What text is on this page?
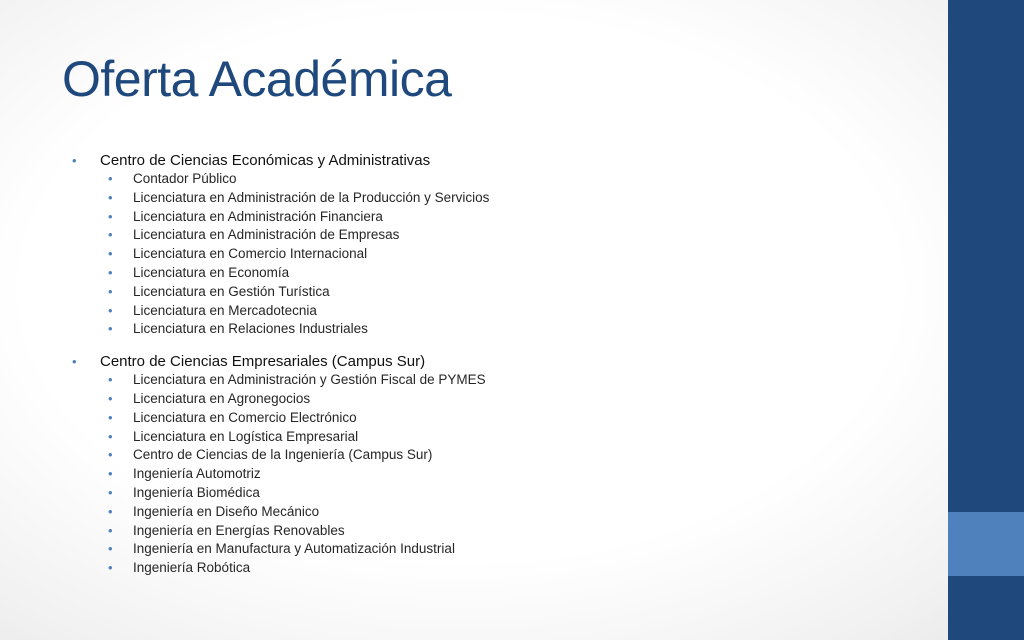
Oferta Académica
• Centro de Ciencias Económicas y Administrativas
• Contador Público
• Licenciatura en Administración de la Producción y Servicios
• Licenciatura en Administración Financiera
• Licenciatura en Administración de Empresas
• Licenciatura en Comercio Internacional
• Licenciatura en Economía
• Licenciatura en Gestión Turística
• Licenciatura en Mercadotecnia
• Licenciatura en Relaciones Industriales
• Centro de Ciencias Empresariales (Campus Sur)
• Licenciatura en Administración y Gestión Fiscal de PYMES
• Licenciatura en Agronegocios
• Licenciatura en Comercio Electrónico
• Licenciatura en Logística Empresarial
• Centro de Ciencias de la Ingeniería (Campus Sur)
• Ingeniería Automotriz
• Ingeniería Biomédica
• Ingeniería en Diseño Mecánico
• Ingeniería en Energías Renovables
• Ingeniería en Manufactura y Automatización Industrial
• Ingeniería Robótica
